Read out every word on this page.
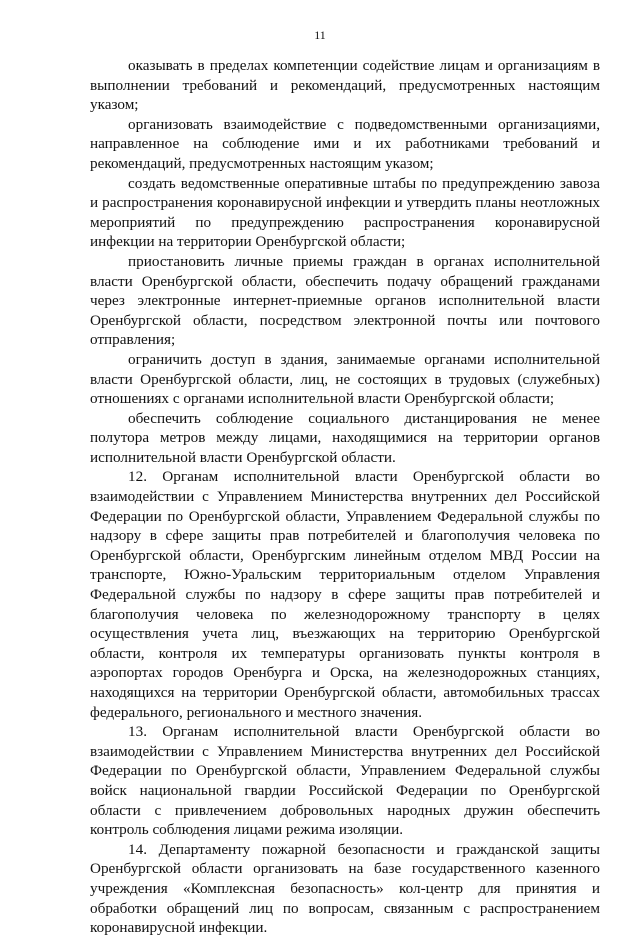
11

оказывать в пределах компетенции содействие лицам и организациям в выполнении требований и рекомендаций, предусмотренных настоящим указом;

организовать взаимодействие с подведомственными организациями, направленное на соблюдение ими и их работниками требований и рекомендаций, предусмотренных настоящим указом;

создать ведомственные оперативные штабы по предупреждению завоза и распространения коронавирусной инфекции и утвердить планы неотложных мероприятий по предупреждению распространения коронавирусной инфекции на территории Оренбургской области;

приостановить личные приемы граждан в органах исполнительной власти Оренбургской области, обеспечить подачу обращений гражданами через электронные интернет-приемные органов исполнительной власти Оренбургской области, посредством электронной почты или почтового отправления;

ограничить доступ в здания, занимаемые органами исполнительной власти Оренбургской области, лиц, не состоящих в трудовых (служебных) отношениях с органами исполнительной власти Оренбургской области;

обеспечить соблюдение социального дистанцирования не менее полутора метров между лицами, находящимися на территории органов исполнительной власти Оренбургской области.

12. Органам исполнительной власти Оренбургской области во взаимодействии с Управлением Министерства внутренних дел Российской Федерации по Оренбургской области, Управлением Федеральной службы по надзору в сфере защиты прав потребителей и благополучия человека по Оренбургской области, Оренбургским линейным отделом МВД России на транспорте, Южно-Уральским территориальным отделом Управления Федеральной службы по надзору в сфере защиты прав потребителей и благополучия человека по железнодорожному транспорту в целях осуществления учета лиц, въезжающих на территорию Оренбургской области, контроля их температуры организовать пункты контроля в аэропортах городов Оренбурга и Орска, на железнодорожных станциях, находящихся на территории Оренбургской области, автомобильных трассах федерального, регионального и местного значения.

13. Органам исполнительной власти Оренбургской области во взаимодействии с Управлением Министерства внутренних дел Российской Федерации по Оренбургской области, Управлением Федеральной службы войск национальной гвардии Российской Федерации по Оренбургской области с привлечением добровольных народных дружин обеспечить контроль соблюдения лицами режима изоляции.

14. Департаменту пожарной безопасности и гражданской защиты Оренбургской области организовать на базе государственного казенного учреждения «Комплексная безопасность» кол-центр для принятия и обработки обращений лиц по вопросам, связанным с распространением коронавирусной инфекции.
